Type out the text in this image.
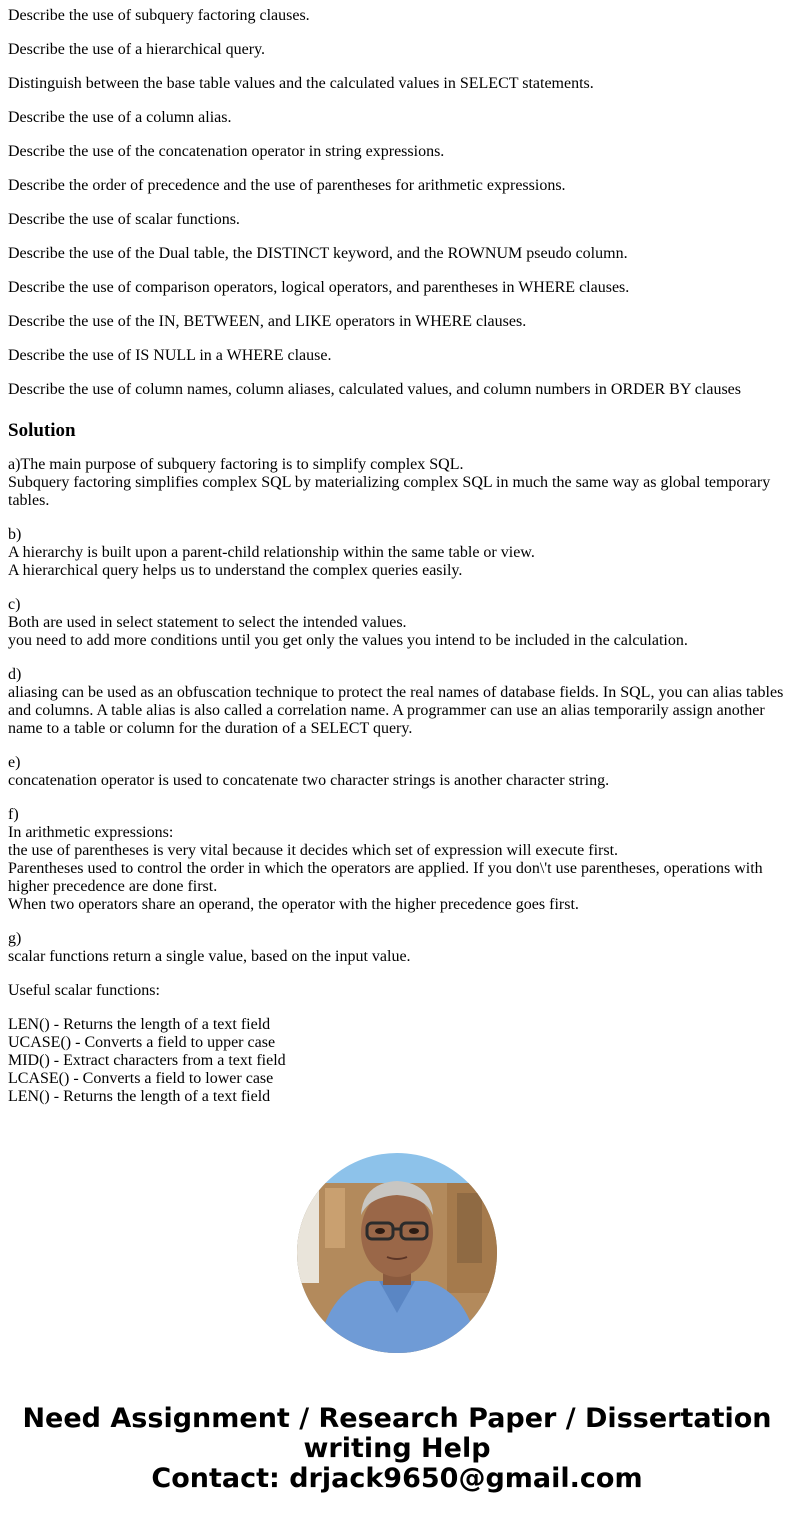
Describe the use of subquery factoring clauses.

Describe the use of a hierarchical query.

Distinguish between the base table values and the calculated values in SELECT statements.

Describe the use of a column alias.

Describe the use of the concatenation operator in string expressions.

Describe the order of precedence and the use of parentheses for arithmetic expressions.

Describe the use of scalar functions.

Describe the use of the Dual table, the DISTINCT keyword, and the ROWNUM pseudo column.

Describe the use of comparison operators, logical operators, and parentheses in WHERE clauses.

Describe the use of the IN, BETWEEN, and LIKE operators in WHERE clauses.

Describe the use of IS NULL in a WHERE clause.

Describe the use of column names, column aliases, calculated values, and column numbers in ORDER BY clauses

Solution
a)The main purpose of subquery factoring is to simplify complex SQL.
Subquery factoring simplifies complex SQL by materializing complex SQL in much the same way as global temporary tables.
b)
A hierarchy is built upon a parent-child relationship within the same table or view.
A hierarchical query helps us to understand the complex queries easily.
c)
Both are used in select statement to select the intended values.
you need to add more conditions until you get only the values you intend to be included in the calculation.
d)
aliasing can be used as an obfuscation technique to protect the real names of database fields. In SQL, you can alias tables and columns. A table alias is also called a correlation name. A programmer can use an alias temporarily assign another name to a table or column for the duration of a SELECT query.
e)
concatenation operator is used to concatenate two character strings is another character string.
f)
In arithmetic expressions:
the use of parentheses is very vital because it decides which set of expression will execute first.
Parentheses used to control the order in which the operators are applied. If you don\'t use parentheses, operations with higher precedence are done first.
When two operators share an operand, the operator with the higher precedence goes first.
g)
scalar functions return a single value, based on the input value.

Useful scalar functions:

LEN() - Returns the length of a text field
UCASE() - Converts a field to upper case
MID() - Extract characters from a text field
LCASE() - Converts a field to lower case
LEN() - Returns the length of a text field
Need Assignment / Research Paper / Dissertation
writing Help
Contact: drjack9650@gmail.com
